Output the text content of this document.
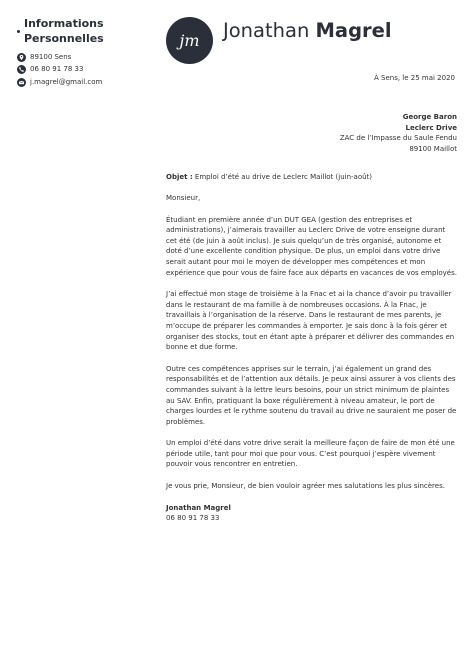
Informations Personnelles
89100 Sens
06 80 91 78 33
j.magrel@gmail.com
jm	Jonathan Magrel
À Sens, le 25 mai 2020
George Baron
Leclerc Drive
ZAC de l’Impasse du Saule Fendu
89100 Maillot
Objet : Emploi d’été au drive de Leclerc Maillot (juin-août)

Monsieur,

Étudiant en première année d’un DUT GEA (gestion des entreprises et administrations), j’aimerais travailler au Leclerc Drive de votre enseigne durant cet été (de juin à août inclus). Je suis quelqu’un de très organisé, autonome et doté d’une excellente condition physique. De plus, un emploi dans votre drive serait autant pour moi le moyen de développer mes compétences et mon expérience que pour vous de faire face aux départs en vacances de vos employés.

J’ai effectué mon stage de troisième à la Fnac et ai la chance d’avoir pu travailler dans le restaurant de ma famille à de nombreuses occasions. À la Fnac, je travaillais à l’organisation de la réserve. Dans le restaurant de mes parents, je m’occupe de préparer les commandes à emporter. Je sais donc à la fois gérer et organiser des stocks, tout en étant apte à préparer et délivrer des commandes en bonne et due forme.

Outre ces compétences apprises sur le terrain, j’ai également un grand des responsabilités et de l’attention aux détails. Je peux ainsi assurer à vos clients des commandes suivant à la lettre leurs besoins, pour un strict minimum de plaintes au SAV. Enfin, pratiquant la boxe régulièrement à niveau amateur, le port de charges lourdes et le rythme soutenu du travail au drive ne sauraient me poser de problèmes.

Un emploi d’été dans votre drive serait la meilleure façon de faire de mon été une période utile, tant pour moi que pour vous. C’est pourquoi j’espère vivement pouvoir vous rencontrer en entretien.

Je vous prie, Monsieur, de bien vouloir agréer mes salutations les plus sincères.

Jonathan Magrel
06 80 91 78 33
